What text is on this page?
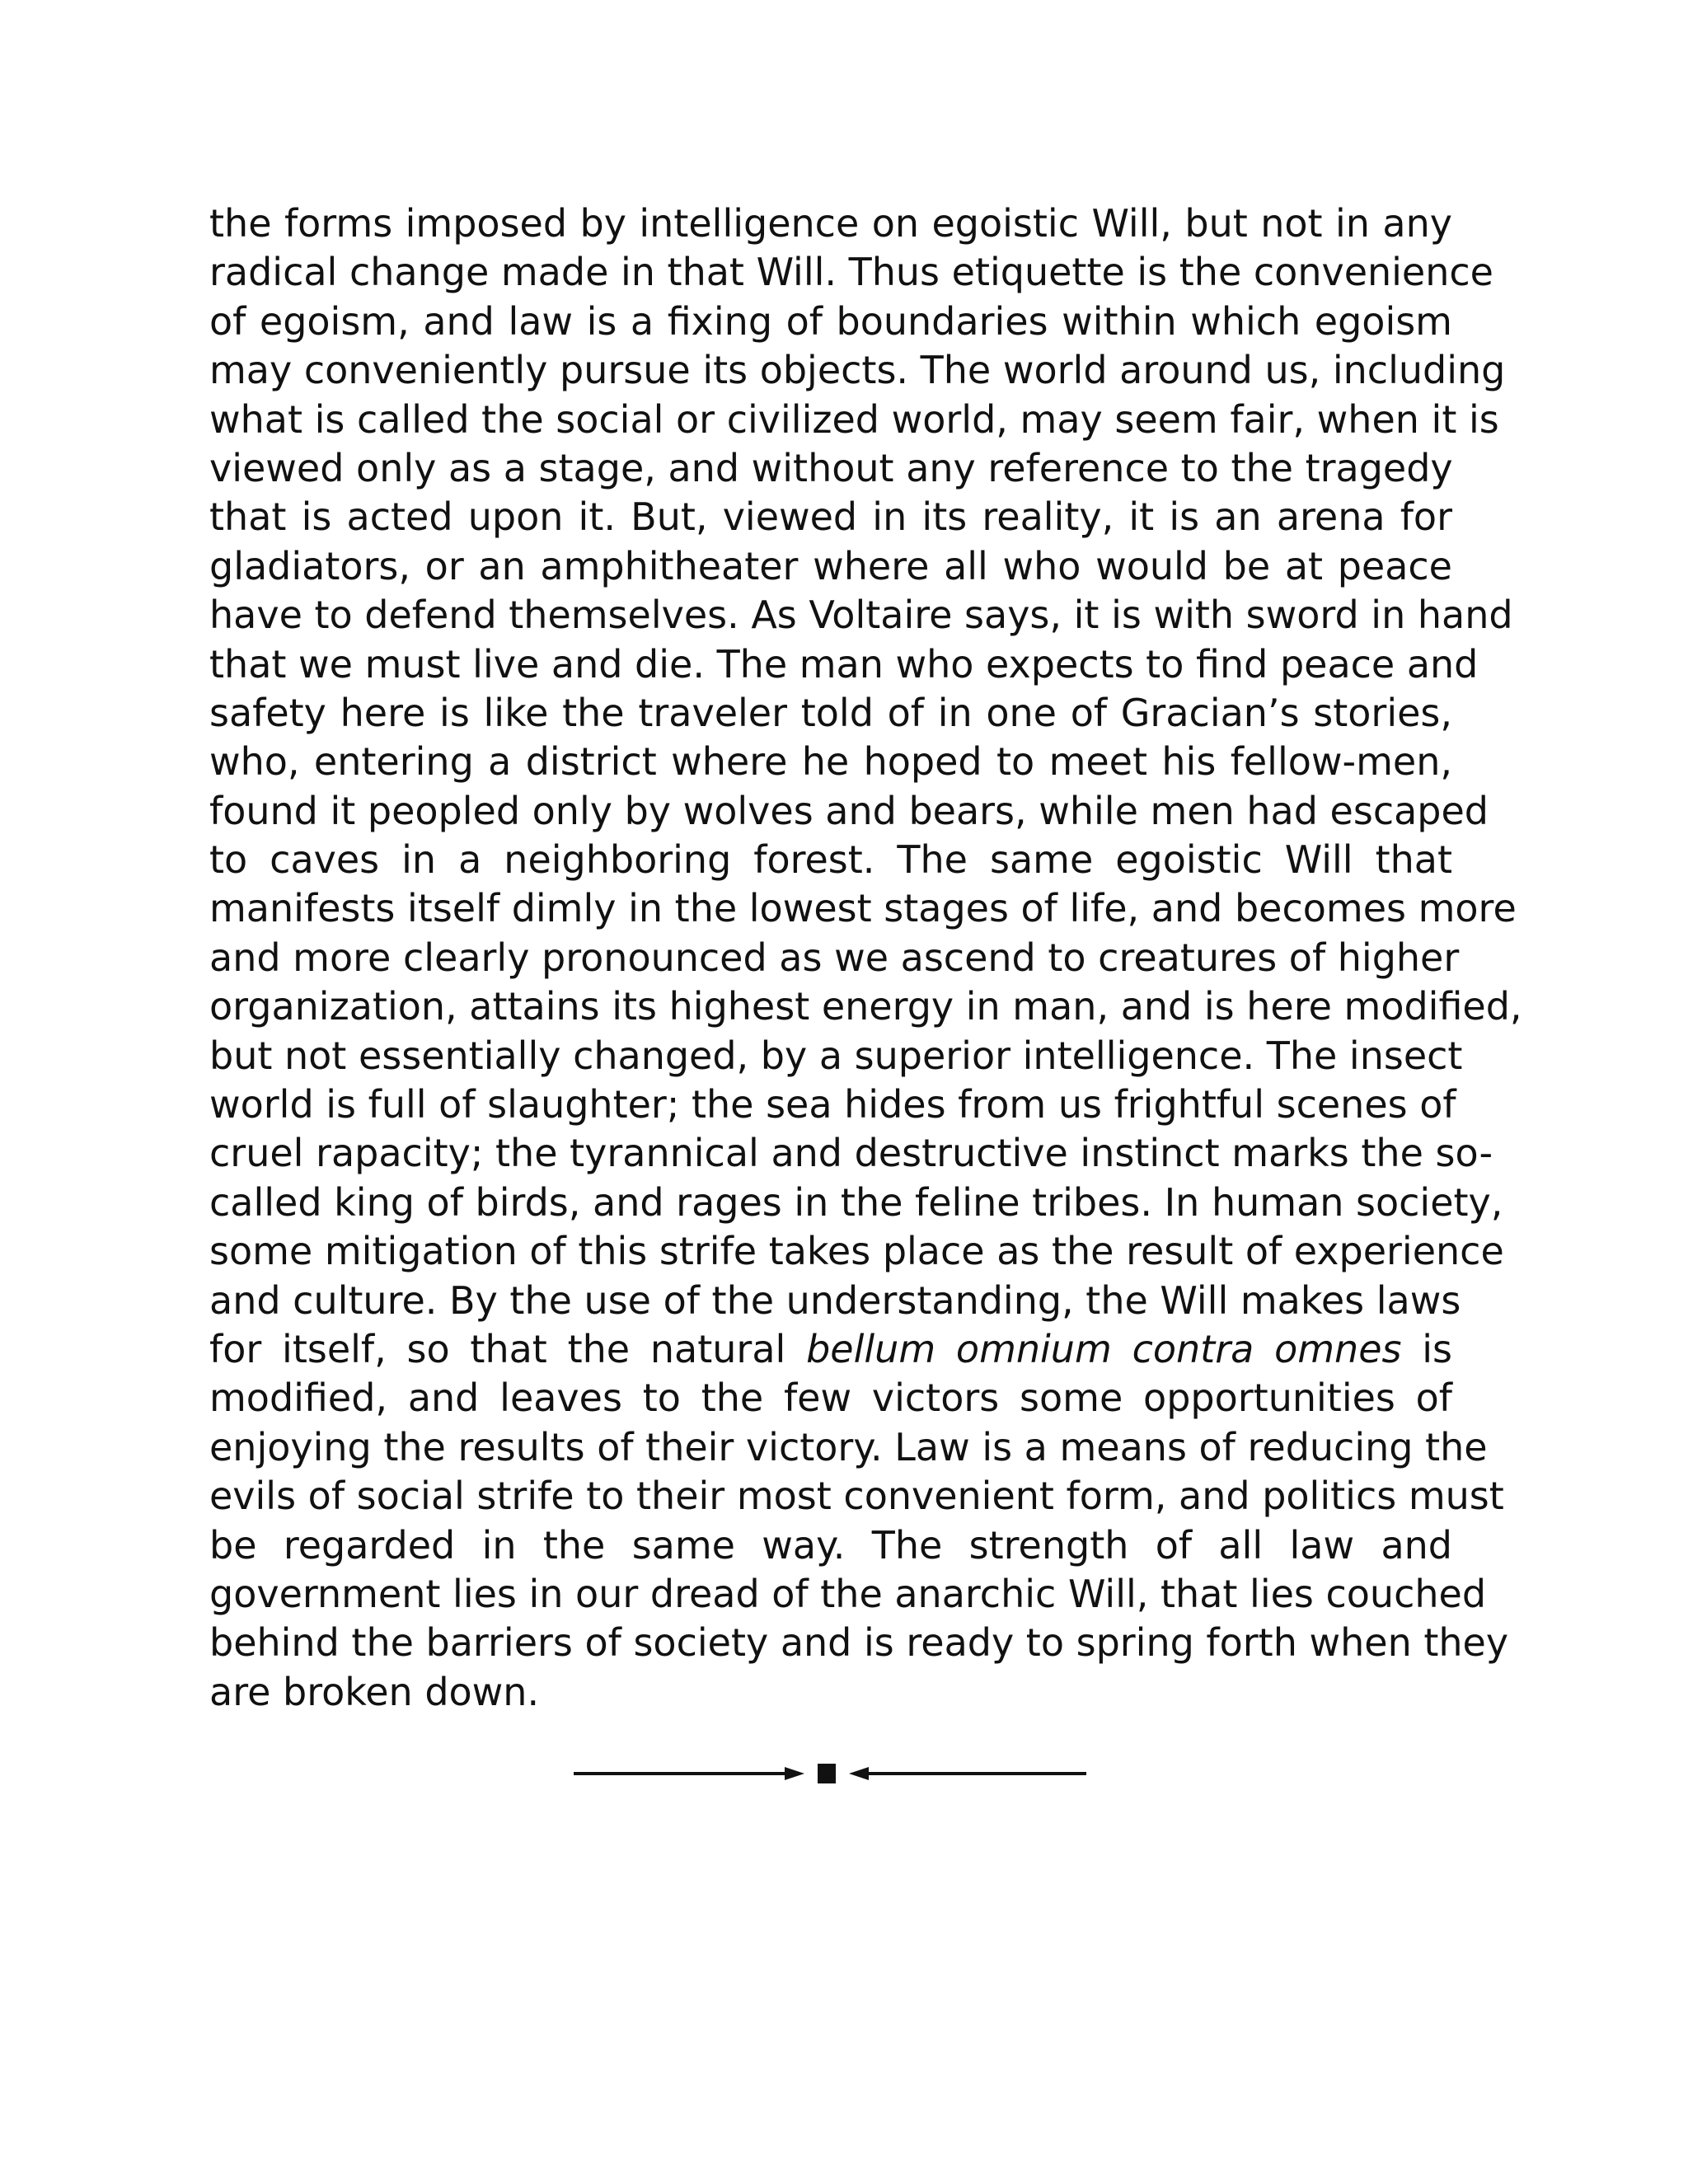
the forms imposed by intelligence on egoistic Will, but not in any
radical change made in that Will. Thus etiquette is the convenience
of egoism, and law is a fixing of boundaries within which egoism
may conveniently pursue its objects. The world around us, including
what is called the social or civilized world, may seem fair, when it is
viewed only as a stage, and without any reference to the tragedy
that is acted upon it. But, viewed in its reality, it is an arena for
gladiators, or an amphitheater where all who would be at peace
have to defend themselves. As Voltaire says, it is with sword in hand
that we must live and die. The man who expects to find peace and
safety here is like the traveler told of in one of Gracian’s stories,
who, entering a district where he hoped to meet his fellow-men,
found it peopled only by wolves and bears, while men had escaped
to caves in a neighboring forest. The same egoistic Will that
manifests itself dimly in the lowest stages of life, and becomes more
and more clearly pronounced as we ascend to creatures of higher
organization, attains its highest energy in man, and is here modified,
but not essentially changed, by a superior intelligence. The insect
world is full of slaughter; the sea hides from us frightful scenes of
cruel rapacity; the tyrannical and destructive instinct marks the so-
called king of birds, and rages in the feline tribes. In human society,
some mitigation of this strife takes place as the result of experience
and culture. By the use of the understanding, the Will makes laws
for itself, so that the natural bellum omnium contra omnes is
modified, and leaves to the few victors some opportunities of
enjoying the results of their victory. Law is a means of reducing the
evils of social strife to their most convenient form, and politics must
be regarded in the same way. The strength of all law and
government lies in our dread of the anarchic Will, that lies couched
behind the barriers of society and is ready to spring forth when they
are broken down.
